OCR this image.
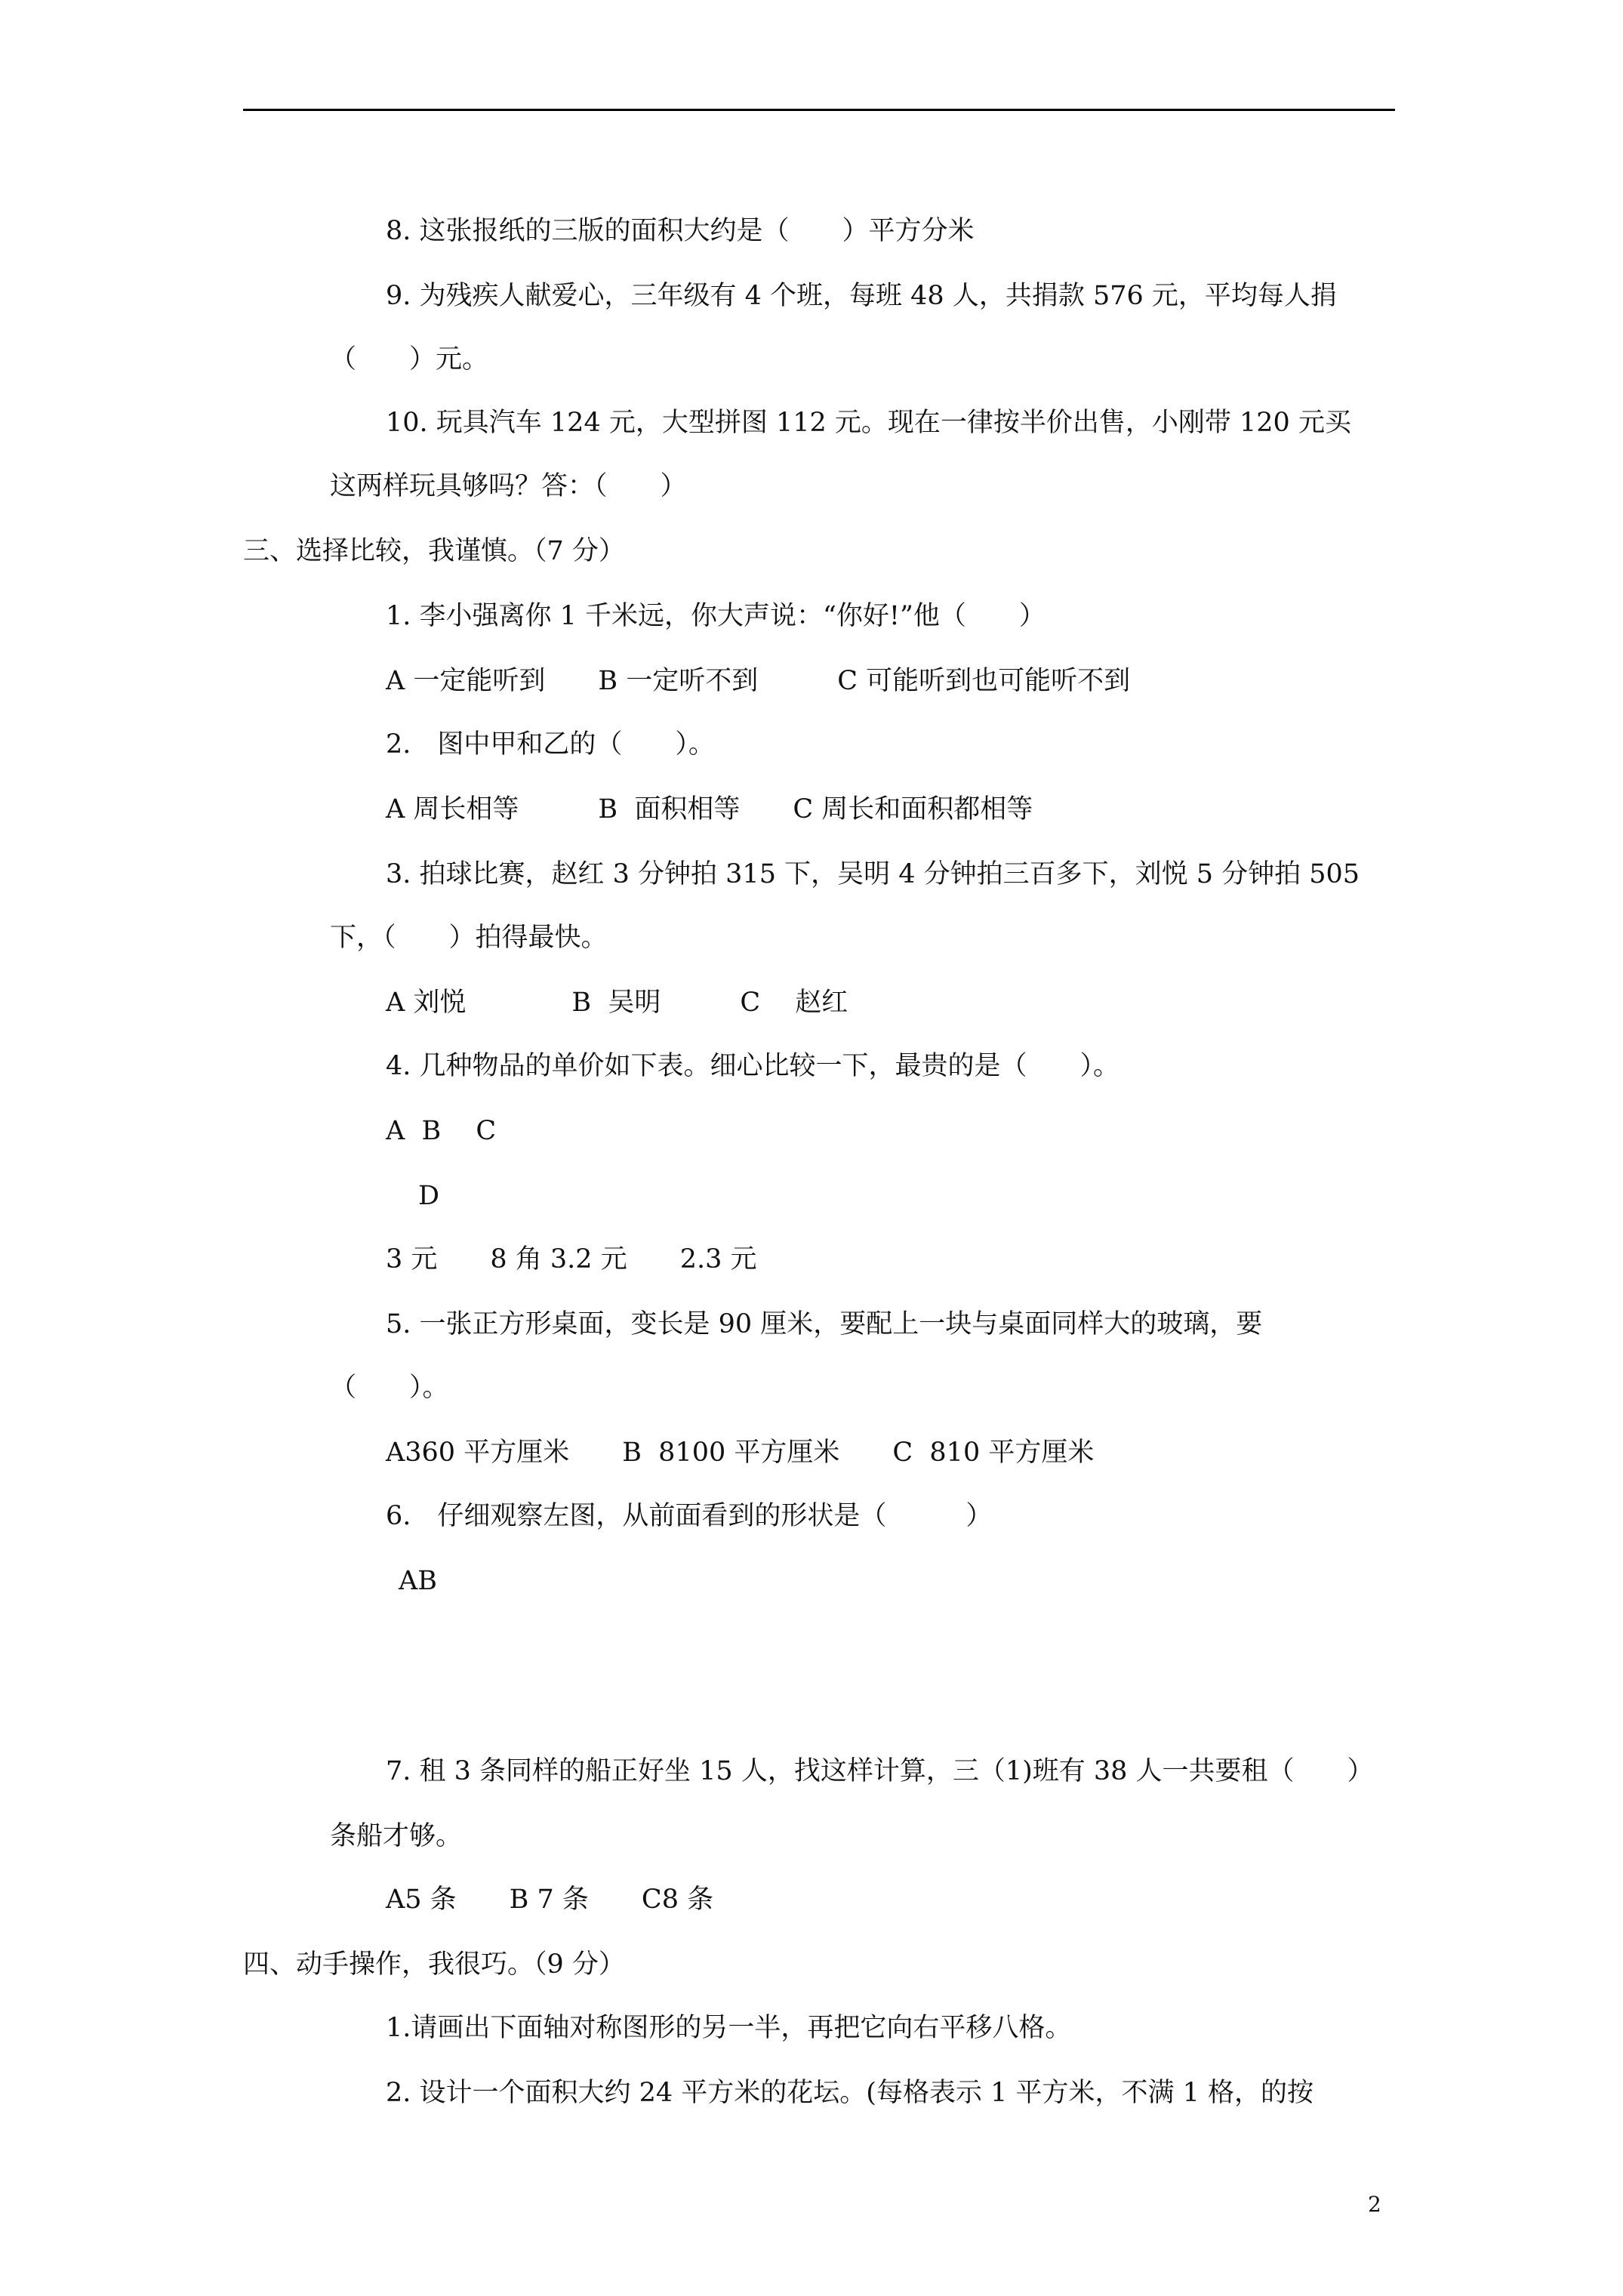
8. 这张报纸的三版的面积大约是（　　）平方分米
9. 为残疾人献爱心，三年级有 4 个班，每班 48 人，共捐款 576 元，平均每人捐
（　　）元。
10. 玩具汽车 124 元，大型拼图 112 元。现在一律按半价出售，小刚带 120 元买
这两样玩具够吗？答：（　　）
三、选择比较，我谨慎。（7 分）
1. 李小强离你 1 千米远，你大声说：“你好!”他（　　）
A 一定能听到　　B 一定听不到　　　C 可能听到也可能听不到
2.　图中甲和乙的（　　）。
A 周长相等　　　B  面积相等　　C 周长和面积都相等
3. 拍球比赛，赵红 3 分钟拍 315 下，吴明 4 分钟拍三百多下，刘悦 5 分钟拍 505
下，（　　）拍得最快。
A 刘悦　　　　B  吴明　　　C　 赵红
4. 几种物品的单价如下表。细心比较一下，最贵的是（　　）。
A  B　 C
D
3 元　　8 角 3.2 元　　2.3 元
5. 一张正方形桌面，变长是 90 厘米，要配上一块与桌面同样大的玻璃，要
（　　）。
A360 平方厘米　　B  8100 平方厘米　　C  810 平方厘米
6.　仔细观察左图，从前面看到的形状是（　　　）
AB
7. 租 3 条同样的船正好坐 15 人，找这样计算，三（1)班有 38 人一共要租（　　）
条船才够。
A5 条　　B 7 条　　C8 条
四、动手操作，我很巧。（9 分）
1.请画出下面轴对称图形的另一半，再把它向右平移八格。
2. 设计一个面积大约 24 平方米的花坛。(每格表示 1 平方米，不满 1 格，的按
2
